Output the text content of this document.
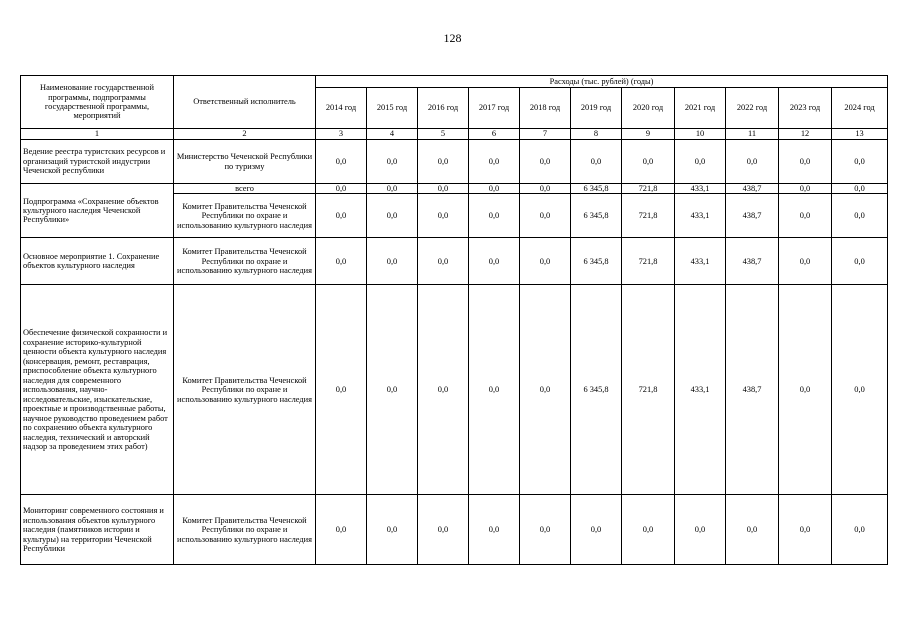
128
Наименование государственной программы, подпрограммы государственной программы, мероприятий	Ответственный исполнитель	Расходы (тыс. рублей) (годы)										
		2014 год	2015 год	2016 год	2017 год	2018 год	2019 год	2020 год	2021 год	2022 год	2023 год	2024 год
1	2	3	4	5	6	7	8	9	10	11	12	13
Ведение реестра туристских ресурсов и организаций туристской индустрии Чеченской республики	Министерство Чеченской Республики по туризму	0,0	0,0	0,0	0,0	0,0	0,0	0,0	0,0	0,0	0,0	0,0
Подпрограмма «Сохранение объектов культурного наследия Чеченской Республики»	всего	0,0	0,0	0,0	0,0	0,0	6 345,8	721,8	433,1	438,7	0,0	0,0
	Комитет Правительства Чеченской Республики по охране и использованию культурного наследия	0,0	0,0	0,0	0,0	0,0	6 345,8	721,8	433,1	438,7	0,0	0,0
Основное мероприятие 1. Сохранение объектов культурного наследия	Комитет Правительства Чеченской Республики по охране и использованию культурного наследия	0,0	0,0	0,0	0,0	0,0	6 345,8	721,8	433,1	438,7	0,0	0,0
Обеспечение физической сохранности и сохранение историко-культурной ценности объекта культурного наследия (консервация, ремонт, реставрация, приспособление объекта культурного наследия для современного использования, научно-исследовательские, изыскательские, проектные и производственные работы, научное руководство проведением работ по сохранению объекта культурного наследия, технический и авторский надзор за проведением этих работ)	Комитет Правительства Чеченской Республики по охране и использованию культурного наследия	0,0	0,0	0,0	0,0	0,0	6 345,8	721,8	433,1	438,7	0,0	0,0
Мониторинг современного состояния и использования объектов культурного наследия (памятников истории и культуры) на территории Чеченской Республики	Комитет Правительства Чеченской Республики по охране и использованию культурного наследия	0,0	0,0	0,0	0,0	0,0	0,0	0,0	0,0	0,0	0,0	0,0
